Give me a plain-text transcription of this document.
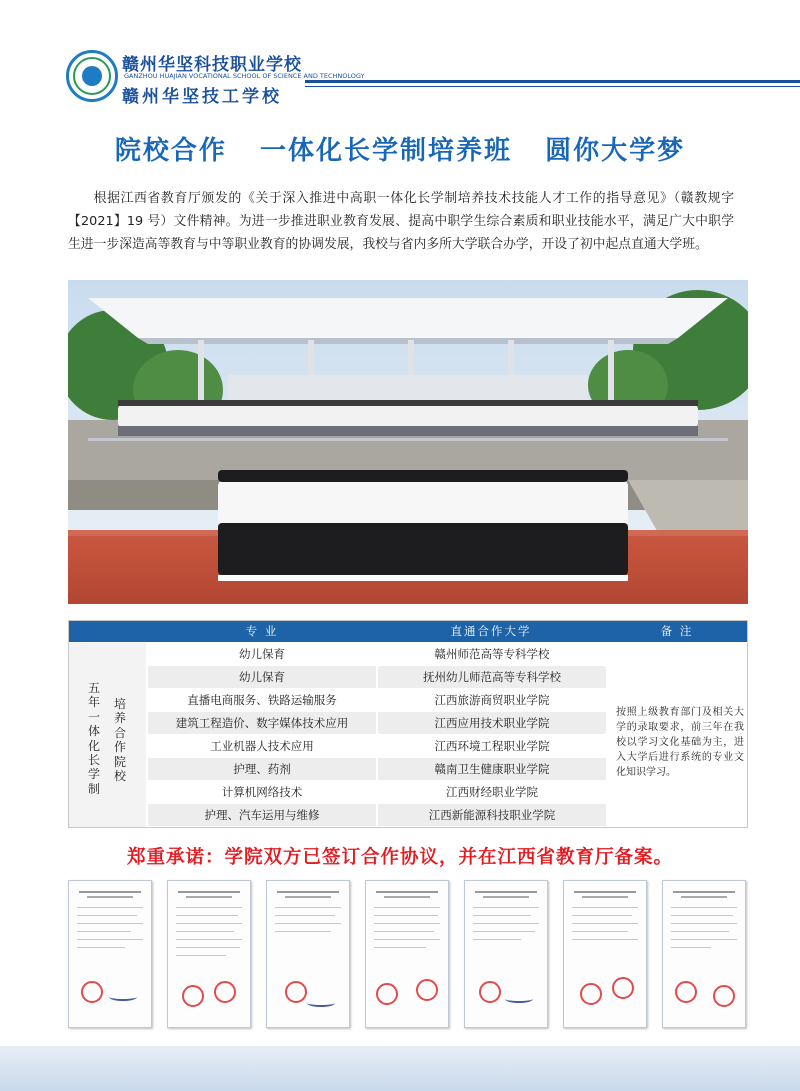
赣州华坚科技职业学校
GANZHOU HUAJIAN VOCATIONAL SCHOOL OF SCIENCE AND TECHNOLOGY
赣州华坚技工学校
院校合作   一体化长学制培养班   圆你大学梦
根据江西省教育厅颁发的《关于深入推进中高职一体化长学制培养技术技能人才工作的指导意见》（赣教规字【2021】19 号）文件精神。为进一步推进职业教育发展、提高中职学生综合素质和职业技能水平，满足广大中职学生进一步深造高等教育与中等职业教育的协调发展，我校与省内多所大学联合办学，开设了初中起点直通大学班。
专 业	直通合作大学	备 注
五年一体化长学制
培养合作院校
幼儿保育	赣州师范高等专科学校
幼儿保育	抚州幼儿师范高等专科学校
直播电商服务、铁路运输服务	江西旅游商贸职业学院
建筑工程造价、数字媒体技术应用	江西应用技术职业学院
工业机器人技术应用	江西环境工程职业学院
护理、药剂	赣南卫生健康职业学院
计算机网络技术	江西财经职业学院
护理、汽车运用与维修	江西新能源科技职业学院
按照上级教育部门及相关大学的录取要求，前三年在我校以学习文化基础为主，进入大学后进行系统的专业文化知识学习。
郑重承诺：学院双方已签订合作协议，并在江西省教育厅备案。
